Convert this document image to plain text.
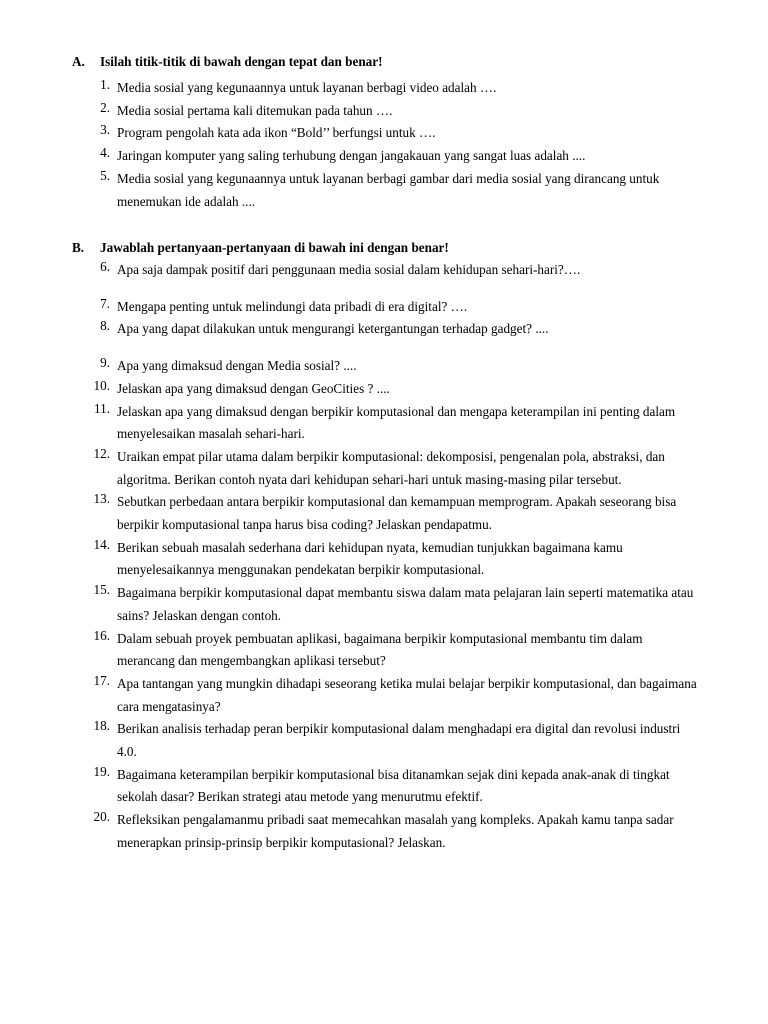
A.	Isilah titik-titik di bawah dengan tepat dan benar!
1. Media sosial yang kegunaannya untuk layanan berbagi video adalah ….
2. Media sosial pertama kali ditemukan pada tahun ….
3. Program pengolah kata ada ikon “Bold’’ berfungsi untuk ….
4. Jaringan komputer yang saling terhubung dengan jangakauan yang sangat luas adalah ....
5. Media sosial yang kegunaannya untuk layanan berbagi gambar dari media sosial yang dirancang untuk menemukan ide adalah ....
B.	Jawablah pertanyaan-pertanyaan di bawah ini dengan benar!
6. Apa saja dampak positif dari penggunaan media sosial dalam kehidupan sehari-hari?….
7. Mengapa penting untuk melindungi data pribadi di era digital? ….
8. Apa yang dapat dilakukan untuk mengurangi ketergantungan terhadap gadget? ....
9. Apa yang dimaksud dengan Media sosial? ....
10. Jelaskan apa yang dimaksud dengan GeoCities ? ....
11. Jelaskan apa yang dimaksud dengan berpikir komputasional dan mengapa keterampilan ini penting dalam menyelesaikan masalah sehari-hari.
12. Uraikan empat pilar utama dalam berpikir komputasional: dekomposisi, pengenalan pola, abstraksi, dan algoritma. Berikan contoh nyata dari kehidupan sehari-hari untuk masing-masing pilar tersebut.
13. Sebutkan perbedaan antara berpikir komputasional dan kemampuan memprogram. Apakah seseorang bisa berpikir komputasional tanpa harus bisa coding? Jelaskan pendapatmu.
14. Berikan sebuah masalah sederhana dari kehidupan nyata, kemudian tunjukkan bagaimana kamu menyelesaikannya menggunakan pendekatan berpikir komputasional.
15. Bagaimana berpikir komputasional dapat membantu siswa dalam mata pelajaran lain seperti matematika atau sains? Jelaskan dengan contoh.
16. Dalam sebuah proyek pembuatan aplikasi, bagaimana berpikir komputasional membantu tim dalam merancang dan mengembangkan aplikasi tersebut?
17. Apa tantangan yang mungkin dihadapi seseorang ketika mulai belajar berpikir komputasional, dan bagaimana cara mengatasinya?
18. Berikan analisis terhadap peran berpikir komputasional dalam menghadapi era digital dan revolusi industri 4.0.
19. Bagaimana keterampilan berpikir komputasional bisa ditanamkan sejak dini kepada anak-anak di tingkat sekolah dasar? Berikan strategi atau metode yang menurutmu efektif.
20. Refleksikan pengalamanmu pribadi saat memecahkan masalah yang kompleks. Apakah kamu tanpa sadar menerapkan prinsip-prinsip berpikir komputasional? Jelaskan.
